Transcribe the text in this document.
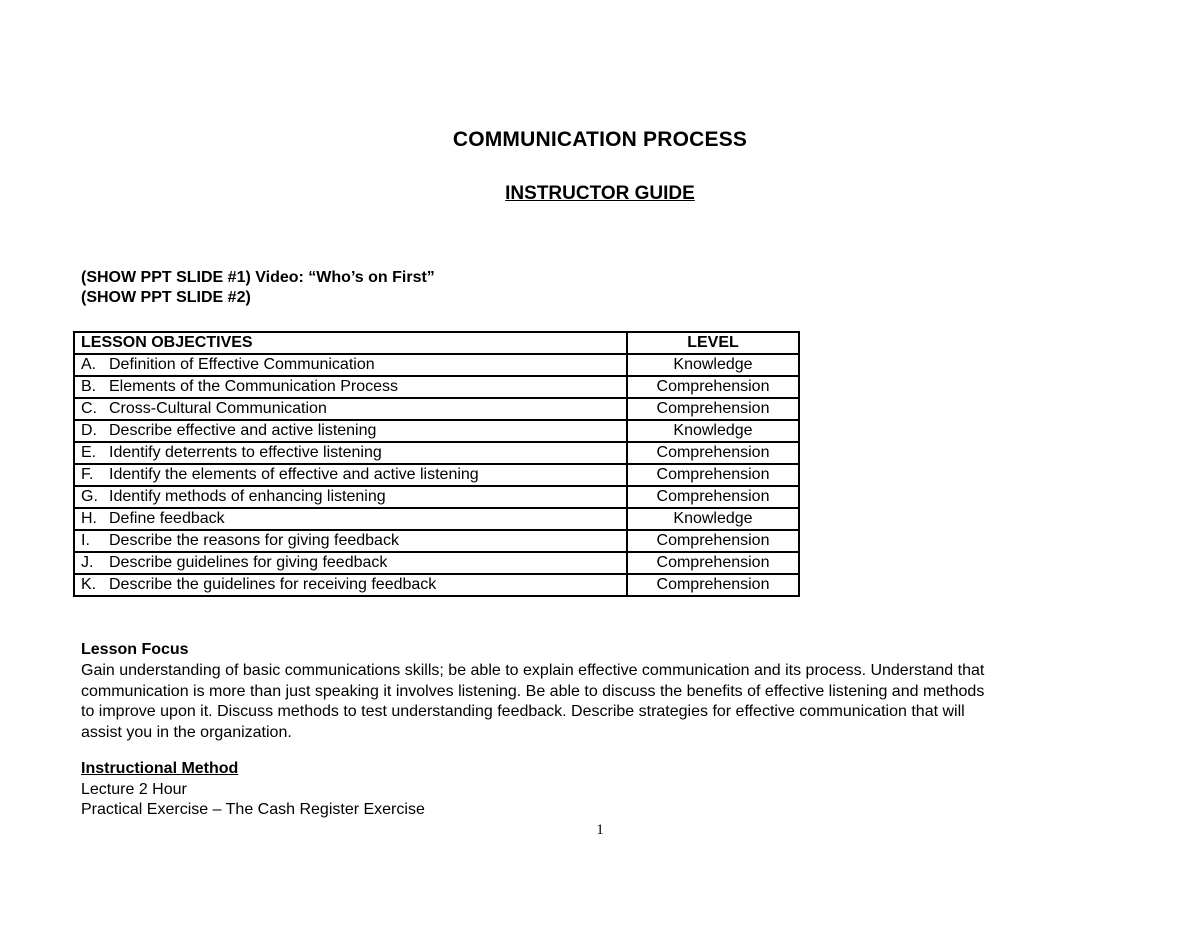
COMMUNICATION PROCESS
INSTRUCTOR GUIDE
(SHOW PPT SLIDE #1) Video: “Who’s on First”
(SHOW PPT SLIDE #2)
LESSON OBJECTIVES	LEVEL
A. Definition of Effective Communication	Knowledge
B. Elements of the Communication Process	Comprehension
C. Cross-Cultural Communication	Comprehension
D. Describe effective and active listening	Knowledge
E. Identify deterrents to effective listening	Comprehension
F. Identify the elements of effective and active listening	Comprehension
G. Identify methods of enhancing listening	Comprehension
H. Define feedback	Knowledge
I. Describe the reasons for giving feedback	Comprehension
J. Describe guidelines for giving feedback	Comprehension
K. Describe the guidelines for receiving feedback	Comprehension
Lesson Focus
Gain understanding of basic communications skills; be able to explain effective communication and its process. Understand that
communication is more than just speaking it involves listening. Be able to discuss the benefits of effective listening and methods
to improve upon it. Discuss methods to test understanding feedback. Describe strategies for effective communication that will
assist you in the organization.
Instructional Method
Lecture 2 Hour
Practical Exercise – The Cash Register Exercise
1
